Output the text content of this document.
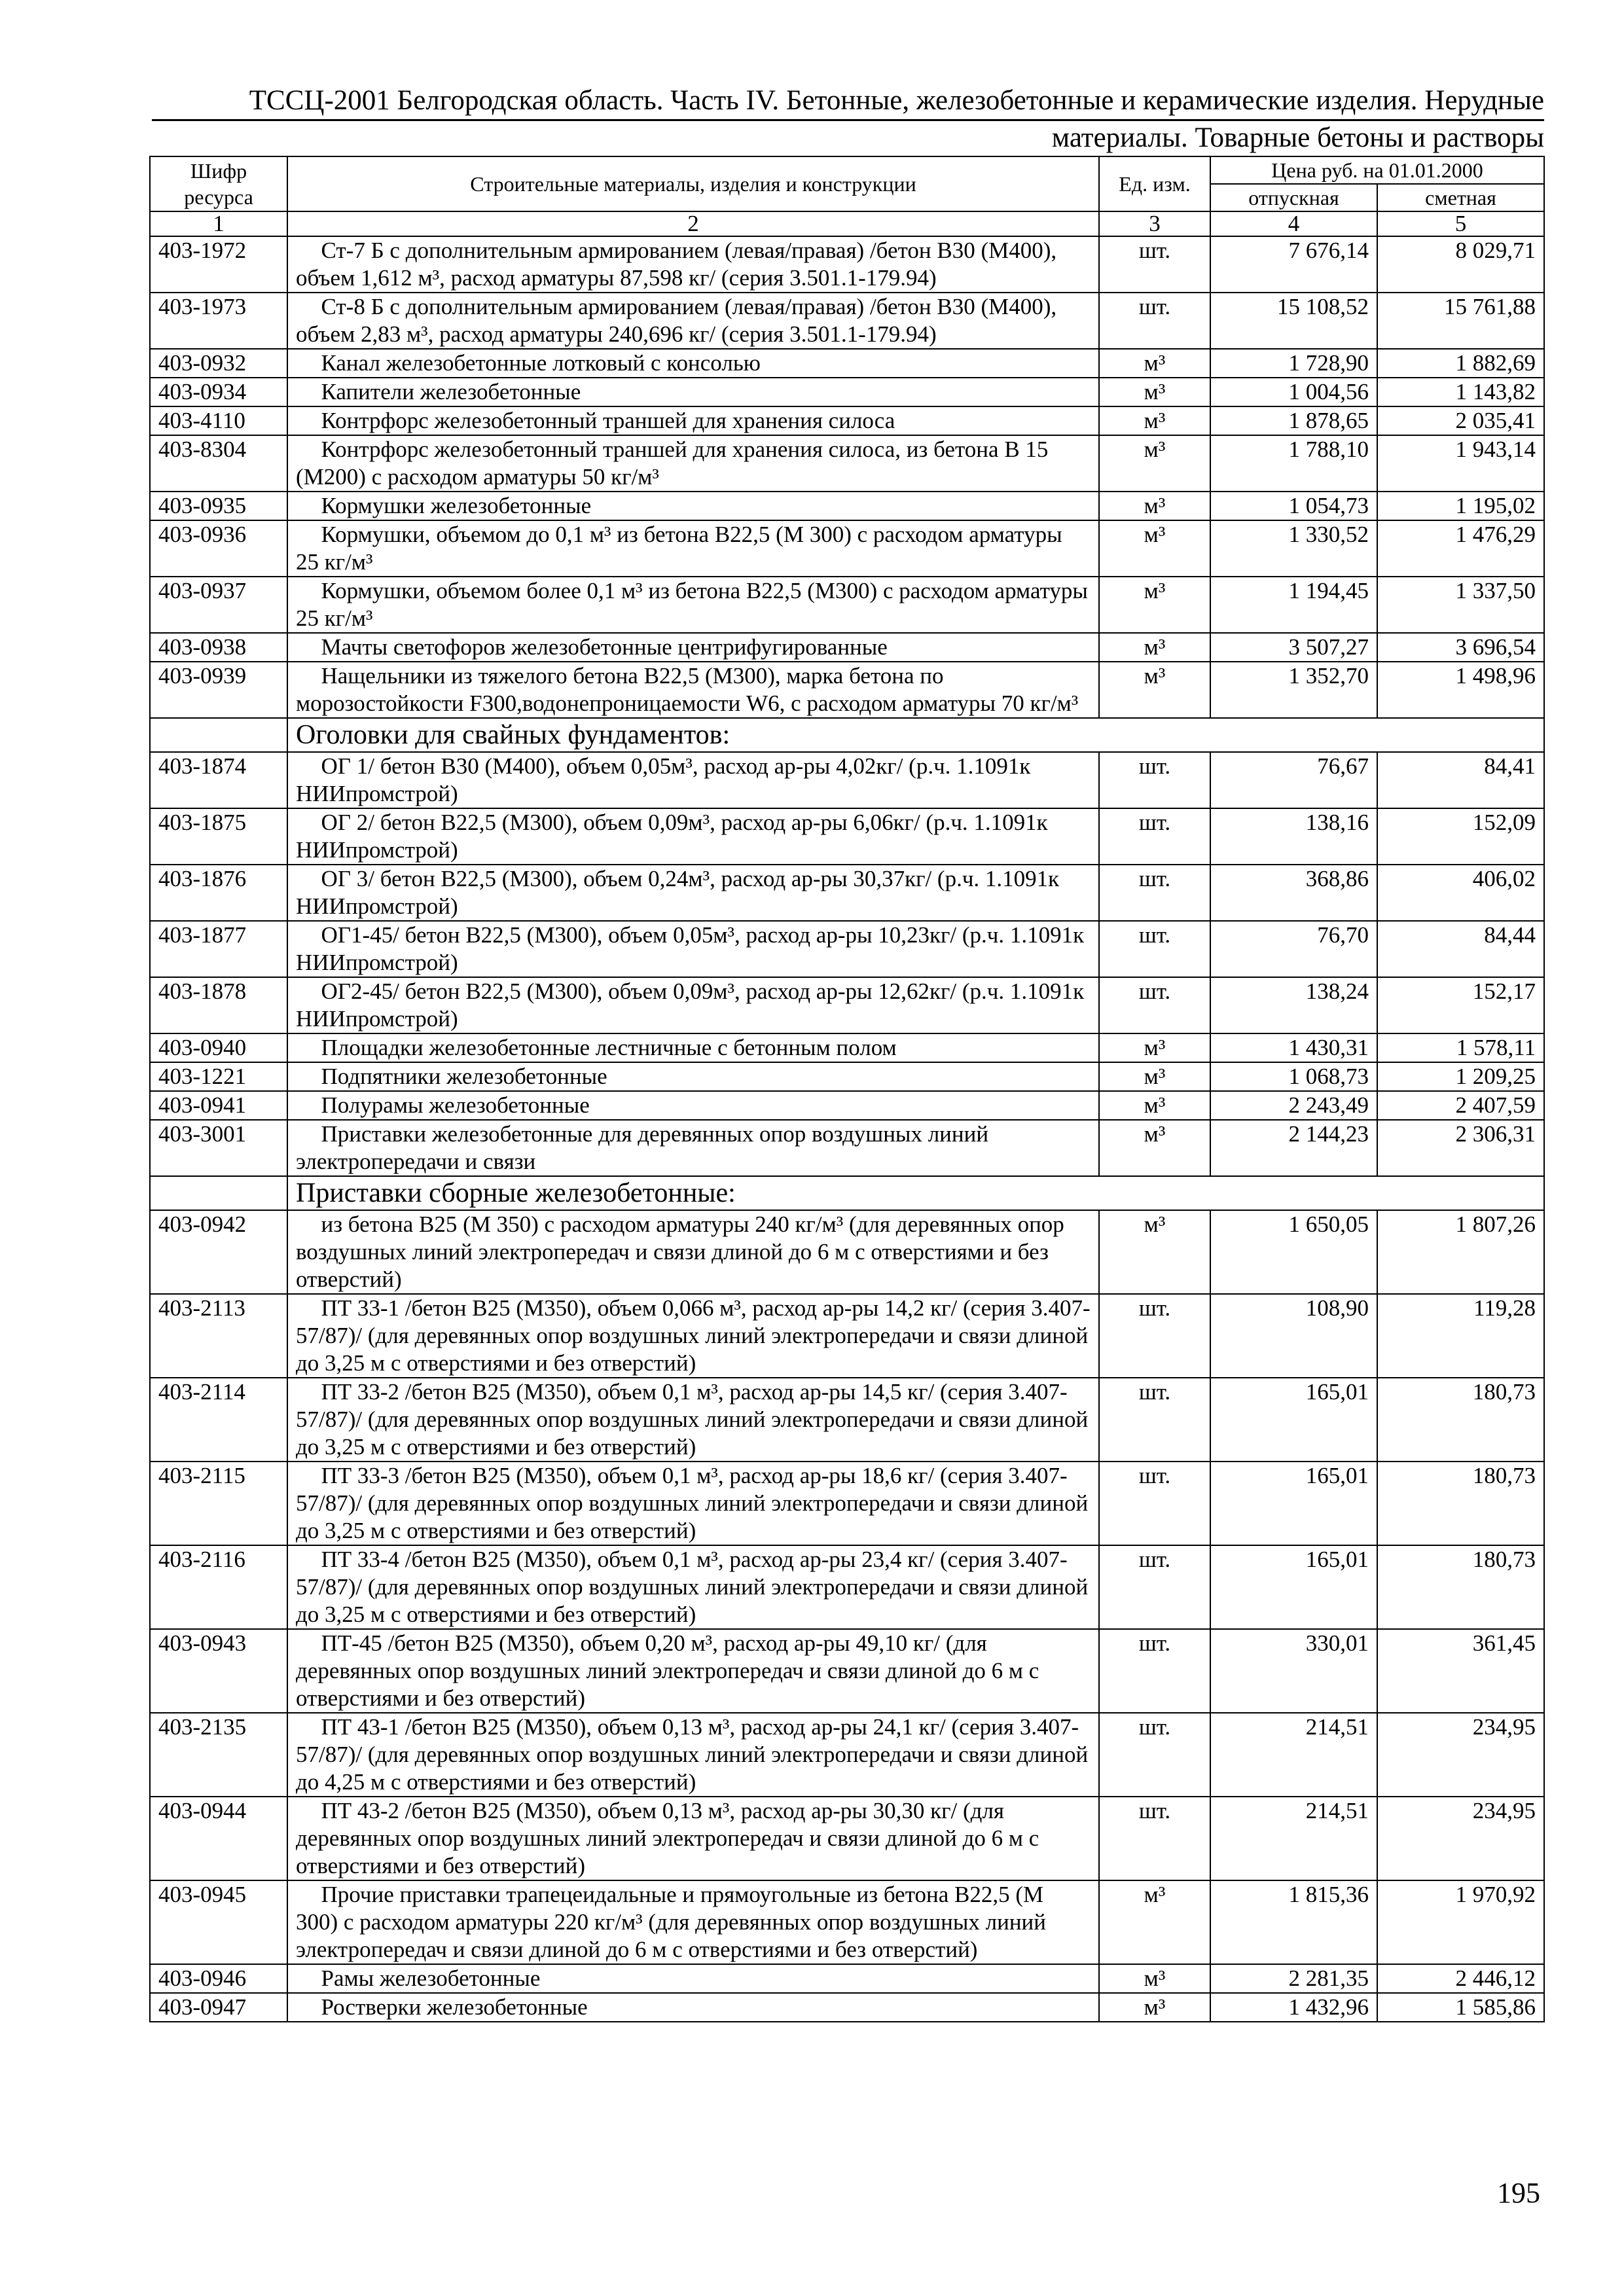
ТССЦ-2001 Белгородская область. Часть IV. Бетонные, железобетонные и керамические изделия. Нерудные
материалы. Товарные бетоны и растворы
Шифр ресурса	Строительные материалы, изделия и конструкции	Ед. изм.	Цена руб. на 01.01.2000	
			отпускная	сметная
1	2	3	4	5
403-1972	Ст-7 Б с дополнительным армированием (левая/правая) /бетон В30 (М400), объем 1,612 м³, расход арматуры 87,598 кг/ (серия 3.501.1-179.94)	шт.	7 676,14	8 029,71
403-1973	Ст-8 Б с дополнительным армированием (левая/правая) /бетон В30 (М400), объем 2,83 м³, расход арматуры 240,696 кг/ (серия 3.501.1-179.94)	шт.	15 108,52	15 761,88
403-0932	Канал железобетонные лотковый с консолью	м³	1 728,90	1 882,69
403-0934	Капители железобетонные	м³	1 004,56	1 143,82
403-4110	Контрфорс железобетонный траншей для хранения силоса	м³	1 878,65	2 035,41
403-8304	Контрфорс железобетонный траншей для хранения силоса, из бетона В 15 (М200) с расходом арматуры 50 кг/м³	м³	1 788,10	1 943,14
403-0935	Кормушки железобетонные	м³	1 054,73	1 195,02
403-0936	Кормушки, объемом до 0,1 м³ из бетона В22,5 (М 300) с расходом арматуры 25 кг/м³	м³	1 330,52	1 476,29
403-0937	Кормушки, объемом более 0,1 м³ из бетона В22,5 (М300) с расходом арматуры 25 кг/м³	м³	1 194,45	1 337,50
403-0938	Мачты светофоров железобетонные центрифугированные	м³	3 507,27	3 696,54
403-0939	Нащельники из тяжелого бетона В22,5 (М300), марка бетона по морозостойкости F300,водонепроницаемости W6, с расходом арматуры 70 кг/м³	м³	1 352,70	1 498,96
	Оголовки для свайных фундаментов:			
403-1874	ОГ 1/ бетон В30 (М400), объем 0,05м³, расход ар-ры 4,02кг/ (р.ч. 1.1091к НИИпромстрой)	шт.	76,67	84,41
403-1875	ОГ 2/ бетон В22,5 (М300), объем 0,09м³, расход ар-ры 6,06кг/ (р.ч. 1.1091к НИИпромстрой)	шт.	138,16	152,09
403-1876	ОГ 3/ бетон В22,5 (М300), объем 0,24м³, расход ар-ры 30,37кг/ (р.ч. 1.1091к НИИпромстрой)	шт.	368,86	406,02
403-1877	ОГ1-45/ бетон В22,5 (М300), объем 0,05м³, расход ар-ры 10,23кг/ (р.ч. 1.1091к НИИпромстрой)	шт.	76,70	84,44
403-1878	ОГ2-45/ бетон В22,5 (М300), объем 0,09м³, расход ар-ры 12,62кг/ (р.ч. 1.1091к НИИпромстрой)	шт.	138,24	152,17
403-0940	Площадки железобетонные лестничные с бетонным полом	м³	1 430,31	1 578,11
403-1221	Подпятники железобетонные	м³	1 068,73	1 209,25
403-0941	Полурамы железобетонные	м³	2 243,49	2 407,59
403-3001	Приставки железобетонные для деревянных опор воздушных линий электропередачи и связи	м³	2 144,23	2 306,31
	Приставки сборные железобетонные:			
403-0942	из бетона В25 (М 350) с расходом арматуры 240 кг/м³ (для деревянных опор воздушных линий электропередач и связи длиной до 6 м с отверстиями и без отверстий)	м³	1 650,05	1 807,26
403-2113	ПТ 33-1 /бетон В25 (М350), объем 0,066 м³, расход ар-ры 14,2 кг/ (серия 3.407-57/87)/ (для деревянных опор воздушных линий электропередачи и связи длиной до 3,25 м с отверстиями и без отверстий)	шт.	108,90	119,28
403-2114	ПТ 33-2 /бетон В25 (М350), объем 0,1 м³, расход ар-ры 14,5 кг/ (серия 3.407-57/87)/ (для деревянных опор воздушных линий электропередачи и связи длиной до 3,25 м с отверстиями и без отверстий)	шт.	165,01	180,73
403-2115	ПТ 33-3 /бетон В25 (М350), объем 0,1 м³, расход ар-ры 18,6 кг/ (серия 3.407-57/87)/ (для деревянных опор воздушных линий электропередачи и связи длиной до 3,25 м с отверстиями и без отверстий)	шт.	165,01	180,73
403-2116	ПТ 33-4 /бетон В25 (М350), объем 0,1 м³, расход ар-ры 23,4 кг/ (серия 3.407-57/87)/ (для деревянных опор воздушных линий электропередачи и связи длиной до 3,25 м с отверстиями и без отверстий)	шт.	165,01	180,73
403-0943	ПТ-45 /бетон В25 (М350), объем 0,20 м³, расход ар-ры 49,10 кг/ (для деревянных опор воздушных линий электропередач и связи длиной до 6 м с отверстиями и без отверстий)	шт.	330,01	361,45
403-2135	ПТ 43-1 /бетон В25 (М350), объем 0,13 м³, расход ар-ры 24,1 кг/ (серия 3.407-57/87)/ (для деревянных опор воздушных линий электропередачи и связи длиной до 4,25 м с отверстиями и без отверстий)	шт.	214,51	234,95
403-0944	ПТ 43-2 /бетон В25 (М350), объем 0,13 м³, расход ар-ры 30,30 кг/ (для деревянных опор воздушных линий электропередач и связи длиной до 6 м с отверстиями и без отверстий)	шт.	214,51	234,95
403-0945	Прочие приставки трапецеидальные и прямоугольные из бетона В22,5 (М 300) с расходом арматуры 220 кг/м³ (для деревянных опор воздушных линий электропередач и связи длиной до 6 м с отверстиями и без отверстий)	м³	1 815,36	1 970,92
403-0946	Рамы железобетонные	м³	2 281,35	2 446,12
403-0947	Ростверки железобетонные	м³	1 432,96	1 585,86
195
